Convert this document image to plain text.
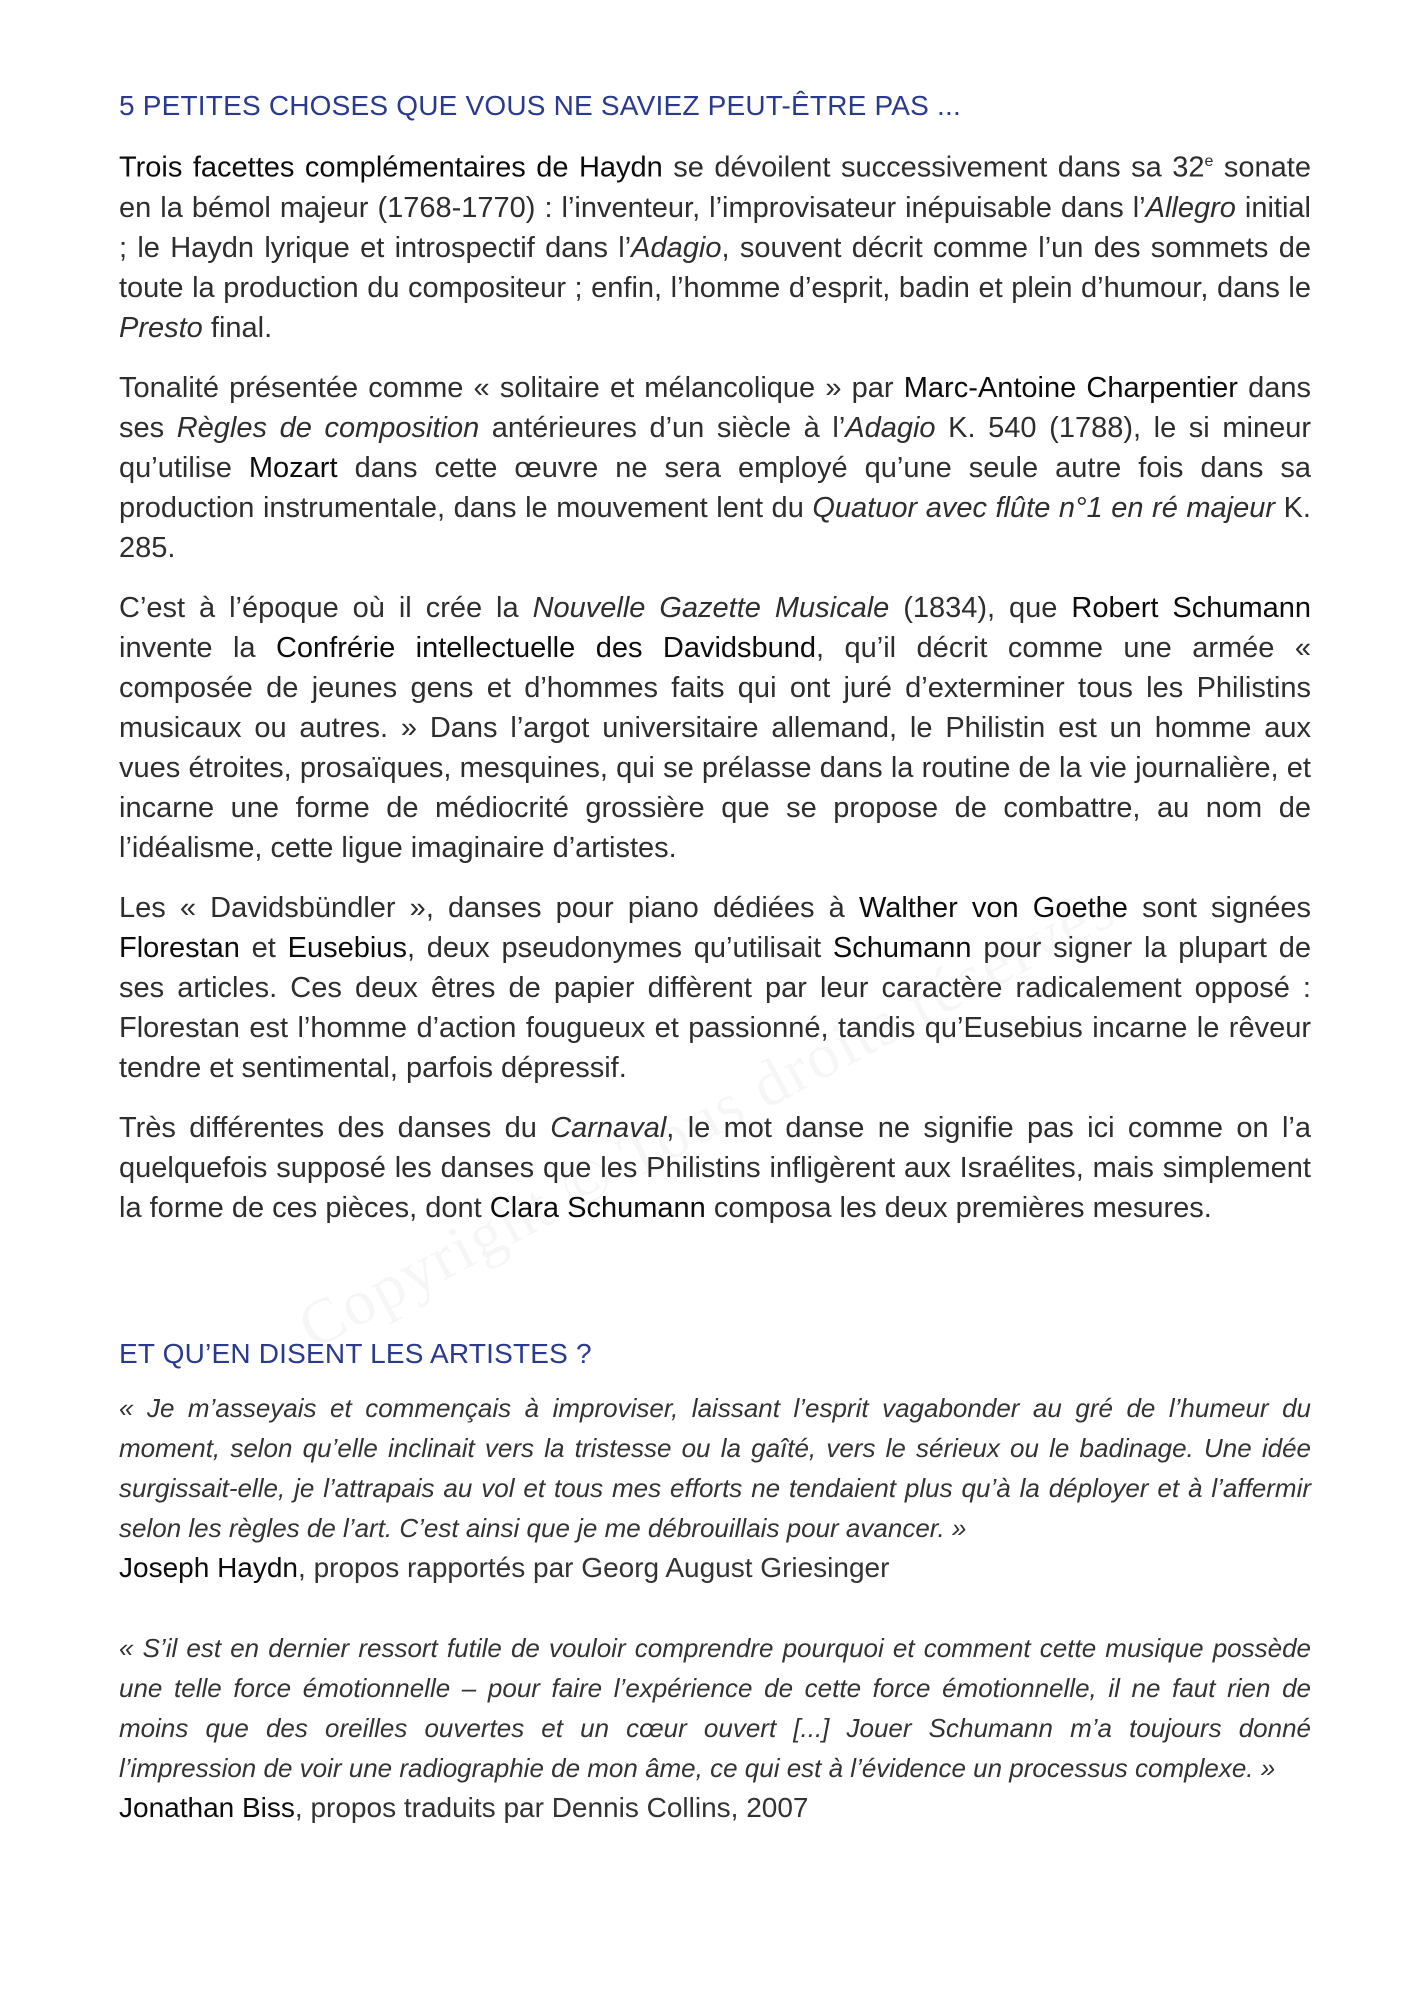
5 PETITES CHOSES QUE VOUS NE SAVIEZ PEUT-ÊTRE PAS ...

Trois facettes complémentaires de Haydn se dévoilent successivement dans sa 32e sonate en la bémol majeur (1768-1770) : l’inventeur, l’improvisateur inépuisable dans l’Allegro initial ; le Haydn lyrique et introspectif dans l’Adagio, souvent décrit comme l’un des sommets de toute la production du compositeur ; enfin, l’homme d’esprit, badin et plein d’humour, dans le Presto final.

Tonalité présentée comme « solitaire et mélancolique » par Marc-Antoine Charpentier dans ses Règles de composition antérieures d’un siècle à l’Adagio K. 540 (1788), le si mineur qu’utilise Mozart dans cette œuvre ne sera employé qu’une seule autre fois dans sa production instrumentale, dans le mouvement lent du Quatuor avec flûte n°1 en ré majeur K. 285.

C’est à l’époque où il crée la Nouvelle Gazette Musicale (1834), que Robert Schumann invente la Confrérie intellectuelle des Davidsbund, qu’il décrit comme une armée « composée de jeunes gens et d’hommes faits qui ont juré d’exterminer tous les Philistins musicaux ou autres. » Dans l’argot universitaire allemand, le Philistin est un homme aux vues étroites, prosaïques, mesquines, qui se prélasse dans la routine de la vie journalière, et incarne une forme de médiocrité grossière que se propose de combattre, au nom de l’idéalisme, cette ligue imaginaire d’artistes.

Les « Davidsbündler », danses pour piano dédiées à Walther von Goethe sont signées  Florestan et Eusebius, deux pseudonymes qu’utilisait Schumann pour signer la plupart de ses articles. Ces deux êtres de papier diffèrent par leur caractère radicalement opposé : Florestan est l’homme d’action fougueux et passionné, tandis qu’Eusebius incarne le rêveur tendre et sentimental, parfois dépressif.

Très différentes des danses du Carnaval, le mot danse ne signifie pas ici comme on l’a quelquefois supposé les danses que les Philistins infligèrent aux Israélites, mais simplement la forme de ces pièces, dont Clara Schumann composa les deux premières mesures.

ET QU’EN DISENT LES ARTISTES ?

« Je m’asseyais et commençais à improviser, laissant l’esprit vagabonder au gré de l’humeur du moment, selon qu’elle inclinait vers la tristesse ou la gaîté, vers le sérieux ou le badinage. Une idée surgissait-elle, je l’attrapais au vol et tous mes efforts ne tendaient plus qu’à la déployer et à l’affermir selon les règles de l’art. C’est ainsi que je me débrouillais pour avancer. »

Joseph Haydn, propos rapportés par Georg August Griesinger

« S’il est en dernier ressort futile de vouloir comprendre pourquoi et comment cette musique possède une telle force émotionnelle – pour faire l’expérience de cette force émotionnelle, il ne faut rien de moins que des oreilles ouvertes et un cœur ouvert [...] Jouer Schumann m’a toujours donné l’impression de voir une radiographie de mon âme, ce qui est à l’évidence un processus complexe. »

Jonathan Biss, propos traduits par Dennis Collins, 2007
